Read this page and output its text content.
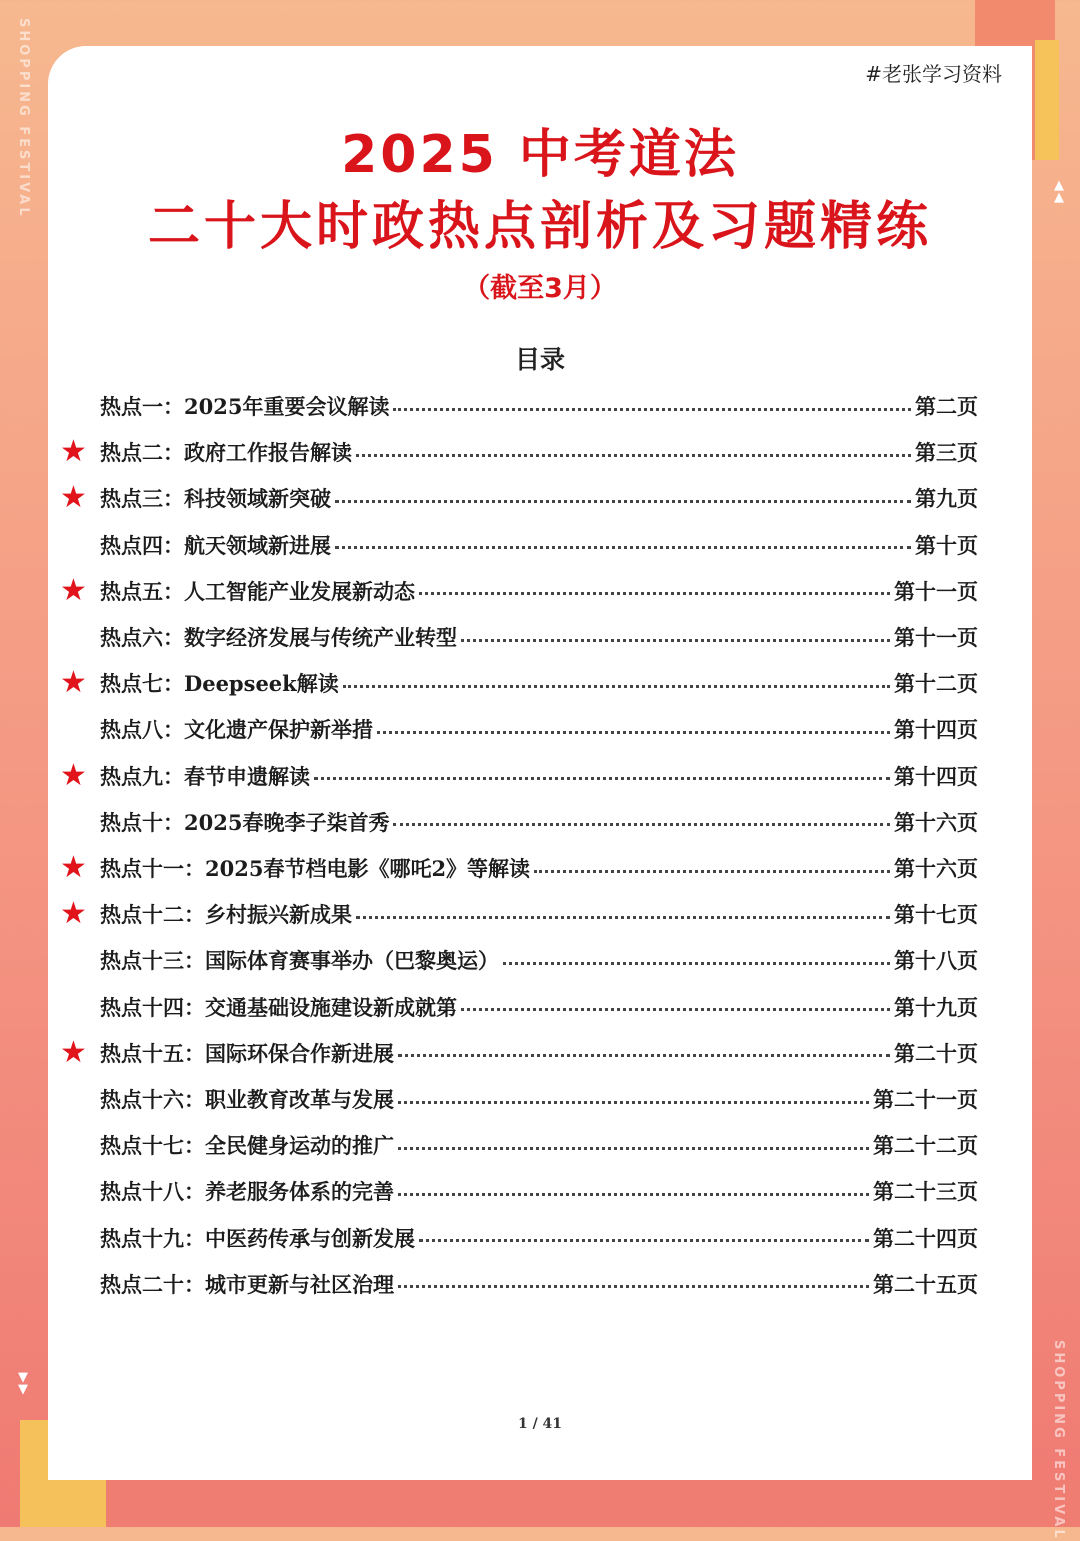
SHOPPING FESTIVAL
SHOPPING FESTIVAL
▲
▲
▼
▼

#老张学习资料

2025 中考道法
二十大时政热点剖析及习题精练

（截至3月）

目录
热点一：2025年重要会议解读	第二页
★ 热点二：政府工作报告解读	第三页
★ 热点三：科技领域新突破	第九页
热点四：航天领域新进展	第十页
★ 热点五：人工智能产业发展新动态	第十一页
热点六：数字经济发展与传统产业转型	第十一页
★ 热点七：Deepseek解读	第十二页
热点八：文化遗产保护新举措	第十四页
★ 热点九：春节申遗解读	第十四页
热点十：2025春晚李子柒首秀	第十六页
★ 热点十一：2025春节档电影《哪吒2》等解读	第十六页
★ 热点十二：乡村振兴新成果	第十七页
热点十三：国际体育赛事举办（巴黎奥运）	第十八页
热点十四：交通基础设施建设新成就第	第十九页
★ 热点十五：国际环保合作新进展	第二十页
热点十六：职业教育改革与发展	第二十一页
热点十七：全民健身运动的推广	第二十二页
热点十八：养老服务体系的完善	第二十三页
热点十九：中医药传承与创新发展	第二十四页
热点二十：城市更新与社区治理	第二十五页

1 / 41
